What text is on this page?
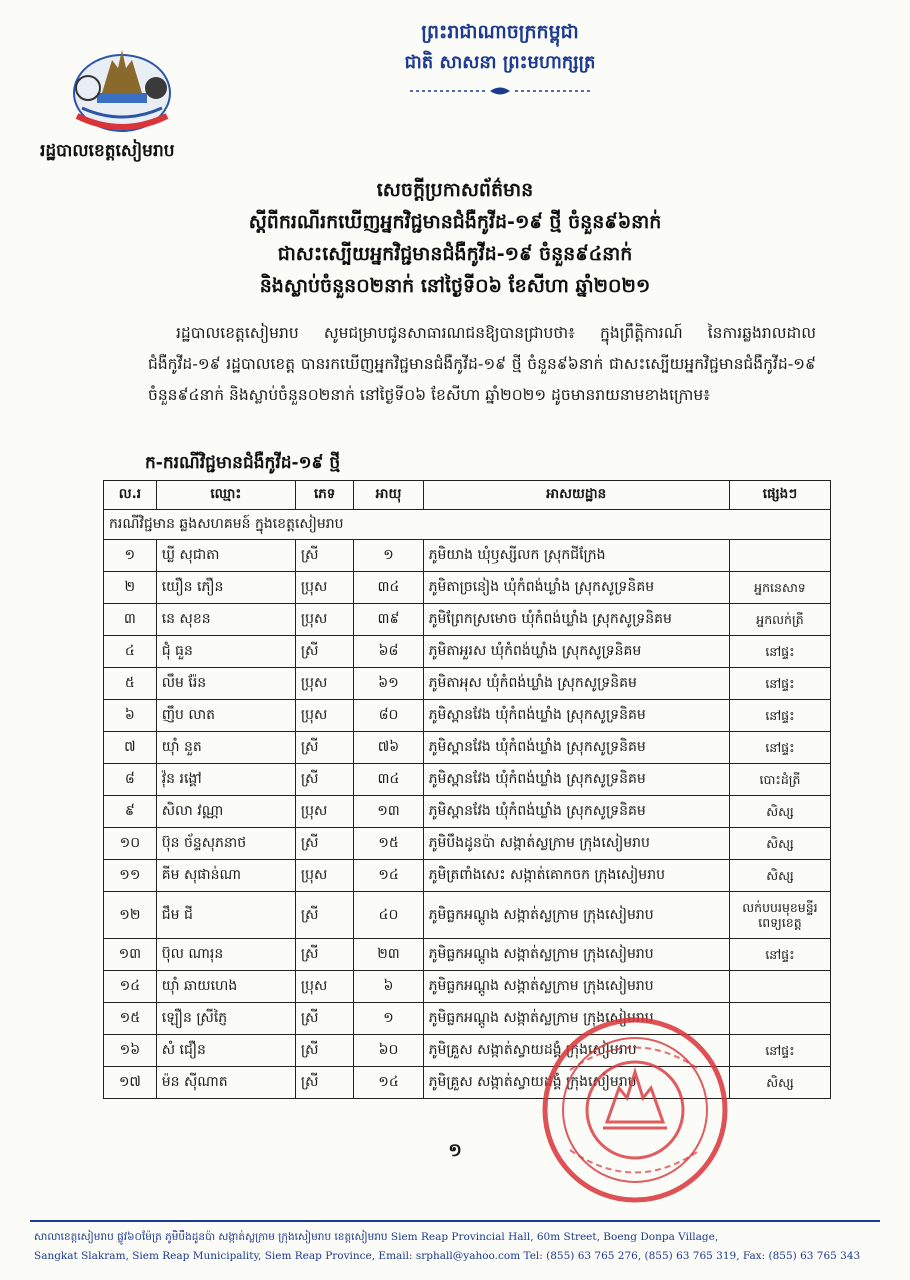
រដ្ឋបាលខេត្តសៀមរាប
ព្រះរាជាណាចក្រកម្ពុជា
ជាតិ សាសនា ព្រះមហាក្សត្រ
សេចក្តីប្រកាសព័ត៌មាន
ស្តីពីករណីរកឃើញអ្នកវិជ្ជមានជំងឺកូវីដ-១៩ ថ្មី ចំនួន៩៦នាក់
ជាសះស្បើយអ្នកវិជ្ជមានជំងឺកូវីដ-១៩ ចំនួន៩៤នាក់
និងស្លាប់ចំនួន០២នាក់ នៅថ្ងៃទី០៦ ខែសីហា ឆ្នាំ២០២១
រដ្ឋបាលខេត្តសៀមរាប សូមជម្រាបជូនសាធារណជនឱ្យបានជ្រាបថា៖ ក្នុងព្រឹត្តិការណ៍ នៃការឆ្លងរាលដាលជំងឺកូវីដ-១៩ រដ្ឋបាលខេត្ត បានរកឃើញអ្នកវិជ្ជមានជំងឺកូវីដ-១៩ ថ្មី ចំនួន៩៦នាក់ ជាសះស្បើយអ្នកវិជ្ជមានជំងឺកូវីដ-១៩ ចំនួន៩៤នាក់ និងស្លាប់ចំនួន០២នាក់ នៅថ្ងៃទី០៦ ខែសីហា ឆ្នាំ២០២១ ដូចមានរាយនាមខាងក្រោម៖
ក-ករណីវិជ្ជមានជំងឺកូវីដ-១៩ ថ្មី
ល.រ	ឈ្មោះ	ភេទ	អាយុ	អាសយដ្ឋាន	ផ្សេងៗ
ករណីវិជ្ជមាន ឆ្លងសហគមន៍ ក្នុងខេត្តសៀមរាប					
១	ឃ្លី សុជាតា	ស្រី	១	ភូមិយាង ឃុំឫស្សីលក ស្រុកជីក្រែង	
២	យឿន ភឿន	ប្រុស	៣៤	ភូមិតាច្រនៀង ឃុំកំពង់ឃ្លាំង ស្រុកសូទ្រនិគម	អ្នកនេសាទ
៣	នេ សុខន	ប្រុស	៣៩	ភូមិព្រែកស្រមោច ឃុំកំពង់ឃ្លាំង ស្រុកសូទ្រនិគម	អ្នកលក់ត្រី
៤	ជុំ ធួន	ស្រី	៦៨	ភូមិតាអួរស ឃុំកំពង់ឃ្លាំង ស្រុកសូទ្រនិគម	នៅផ្ទះ
៥	លឹម រ៉ែន	ប្រុស	៦១	ភូមិតាអុស ឃុំកំពង់ឃ្លាំង ស្រុកសូទ្រនិគម	នៅផ្ទះ
៦	ញឹប លាត	ប្រុស	៨០	ភូមិស្ពានវែង ឃុំកំពង់ឃ្លាំង ស្រុកសូទ្រនិគម	នៅផ្ទះ
៧	យ៉ាំ នួត	ស្រី	៧៦	ភូមិស្ពានវែង ឃុំកំពង់ឃ្លាំង ស្រុកសូទ្រនិគម	នៅផ្ទះ
៨	វ៉ុន រង្គៅ	ស្រី	៣៤	ភូមិស្ពានវែង ឃុំកំពង់ឃ្លាំង ស្រុកសូទ្រនិគម	បោះដំត្រី
៩	សិលា វណ្ណា	ប្រុស	១៣	ភូមិស្ពានវែង ឃុំកំពង់ឃ្លាំង ស្រុកសូទ្រនិគម	សិស្ស
១០	ប៊ុន ច័ន្ទសុភនាថ	ស្រី	១៥	ភូមិបឹងដូនប៉ា សង្កាត់ស្លក្រាម ក្រុងសៀមរាប	សិស្ស
១១	គីម សុផាន់ណា	ប្រុស	១៤	ភូមិត្រពាំងសេះ សង្កាត់គោកចក ក្រុងសៀមរាប	សិស្ស
១២	ជឹម ជី	ស្រី	៤០	ភូមិធ្លកអណ្តូង សង្កាត់ស្លក្រាម ក្រុងសៀមរាប	លក់បបរមុខមន្ទីរពេទ្យខេត្ត
១៣	ប៊ុល ណារុន	ស្រី	២៣	ភូមិធ្លកអណ្តូង សង្កាត់ស្លក្រាម ក្រុងសៀមរាប	នៅផ្ទះ
១៤	យ៉ាំ ឆាយហេង	ប្រុស	៦	ភូមិធ្លកអណ្តូង សង្កាត់ស្លក្រាម ក្រុងសៀមរាប	
១៥	ឡឿន ស្រីភ្ញៃ	ស្រី	១	ភូមិធ្លកអណ្តូង សង្កាត់ស្លក្រាម ក្រុងសៀមរាប	
១៦	សំ ជឿន	ស្រី	៦០	ភូមិគ្រួស សង្កាត់ស្វាយដង្គំ ក្រុងសៀមរាប	នៅផ្ទះ
១៧	ម៉ន ស៊ីណាត	ស្រី	១៤	ភូមិគ្រួស សង្កាត់ស្វាយដង្គំ ក្រុងសៀមរាប	សិស្ស
១
សាលាខេត្តសៀមរាប ផ្លូវ៦០ម៉ែត្រ ភូមិបឹងដូនប៉ា សង្កាត់ស្លក្រាម ក្រុងសៀមរាប ខេត្តសៀមរាប Siem Reap Provincial Hall, 60m Street, Boeng Donpa Village,
Sangkat Slakram, Siem Reap Municipality, Siem Reap Province, Email: srphall@yahoo.com Tel: (855) 63 765 276, (855) 63 765 319, Fax: (855) 63 765 343
